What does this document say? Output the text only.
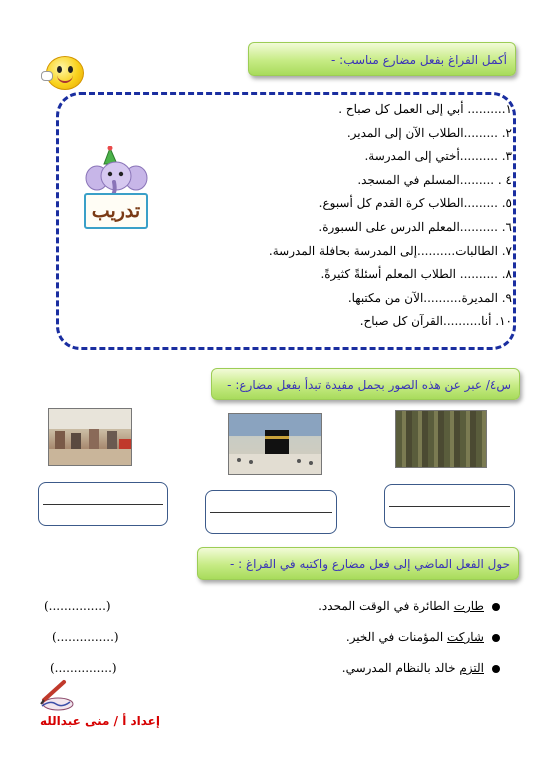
أكمل الفراغ بفعل مضارع مناسب: -
تدريب
١.......... أبي إلى العمل كل صباح .
٢. .........الطلاب الآن إلى المدير.
٣. ..........أختي إلى المدرسة.
٤ . .........المسلم في المسجد.
٥. .........الطلاب كرة القدم كل أسبوع.
٦. ..........المعلم الدرس على السبورة.
٧. الطالبات..........إلى المدرسة بحافلة المدرسة.
٨. .......... الطلاب المعلم أسئلةً كثيرةً.
٩. المديرة..........الآن من مكتبها.
١٠. أنا..........القرآن كل صباح.
س٤/ عبر عن هذه الصور بجمل مفيدة تبدأ بفعل مضارع: -
حول الفعل الماضي إلى فعل مضارع واكتبه في الفراغ : -
طارت الطائرة في الوقت المحدد.
(...............)
شاركت المؤمنات في الخير.
(...............)
التزم خالد بالنظام المدرسي.
(...............)
إعداد أ / منى عبدالله
